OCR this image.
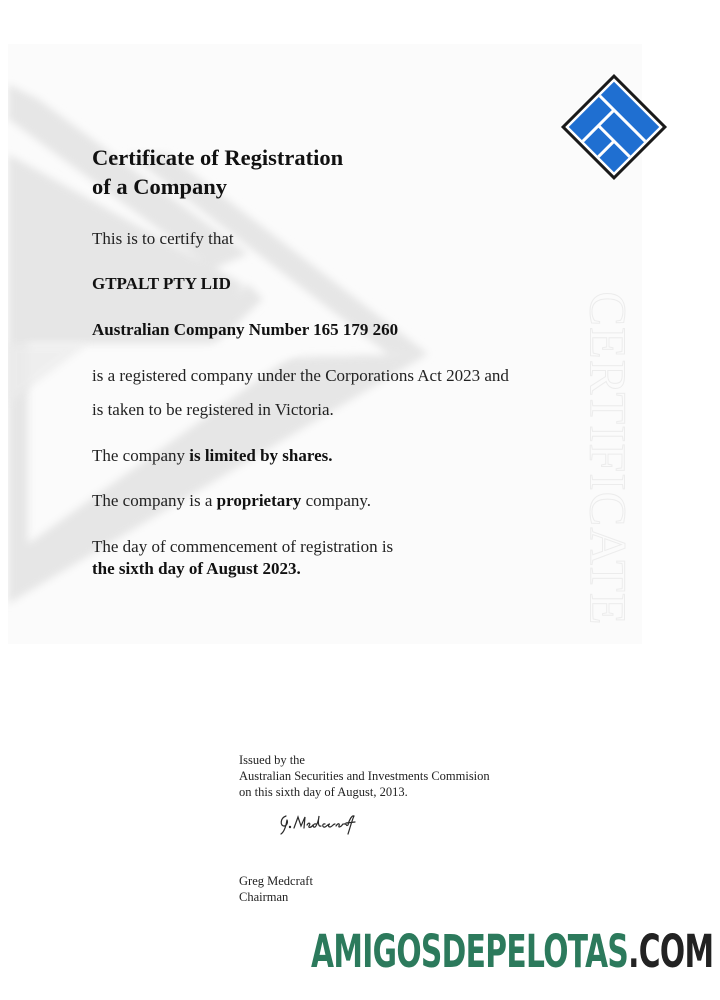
CERTIFICATE
Certificate of Registration
of a Company
This is to certify that
GTPALT PTY LID
Australian Company Number 165 179 260
is a registered company under the Corporations Act 2023 and
is taken to be registered in Victoria.
The company is limited by shares.
The company is a proprietary company.
The day of commencement of registration is
the sixth day of August 2023.
Issued by the
Australian Securities and Investments Commision
on this sixth day of August, 2013.
Greg Medcraft
Chairman
AMIGOSDEPELOTAS.COM
